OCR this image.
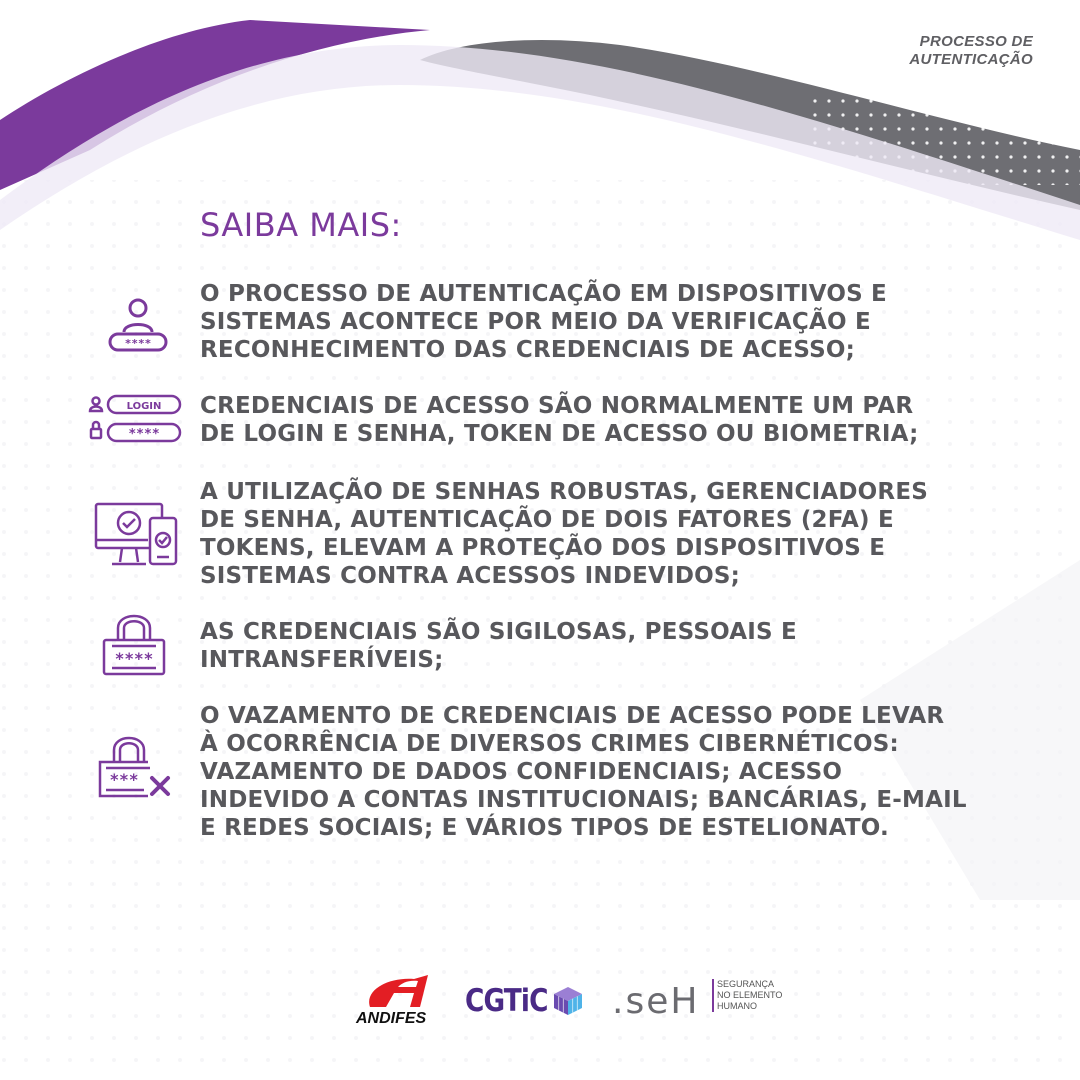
PROCESSO DE
AUTENTICAÇÃO
SAIBA MAIS:
****
O PROCESSO DE AUTENTICAÇÃO EM DISPOSITIVOS E
SISTEMAS ACONTECE POR MEIO DA VERIFICAÇÃO E
RECONHECIMENTO DAS CREDENCIAIS DE ACESSO;
LOGIN
****
CREDENCIAIS DE ACESSO SÃO NORMALMENTE UM PAR
DE LOGIN E SENHA, TOKEN DE ACESSO OU BIOMETRIA;
A UTILIZAÇÃO DE SENHAS ROBUSTAS, GERENCIADORES
DE SENHA, AUTENTICAÇÃO DE DOIS FATORES (2FA) E
TOKENS, ELEVAM A PROTEÇÃO DOS DISPOSITIVOS E
SISTEMAS CONTRA ACESSOS INDEVIDOS;
****
AS CREDENCIAIS SÃO SIGILOSAS, PESSOAIS E
INTRANSFERÍVEIS;
***
O VAZAMENTO DE CREDENCIAIS DE ACESSO PODE LEVAR
À OCORRÊNCIA DE DIVERSOS CRIMES CIBERNÉTICOS:
VAZAMENTO DE DADOS CONFIDENCIAIS; ACESSO
INDEVIDO A CONTAS INSTITUCIONAIS; BANCÁRIAS, E-MAIL
E REDES SOCIAIS; E VÁRIOS TIPOS DE ESTELIONATO.
ANDIFES CGTiC .seH SEGURANÇA
NO ELEMENTO
HUMANO
